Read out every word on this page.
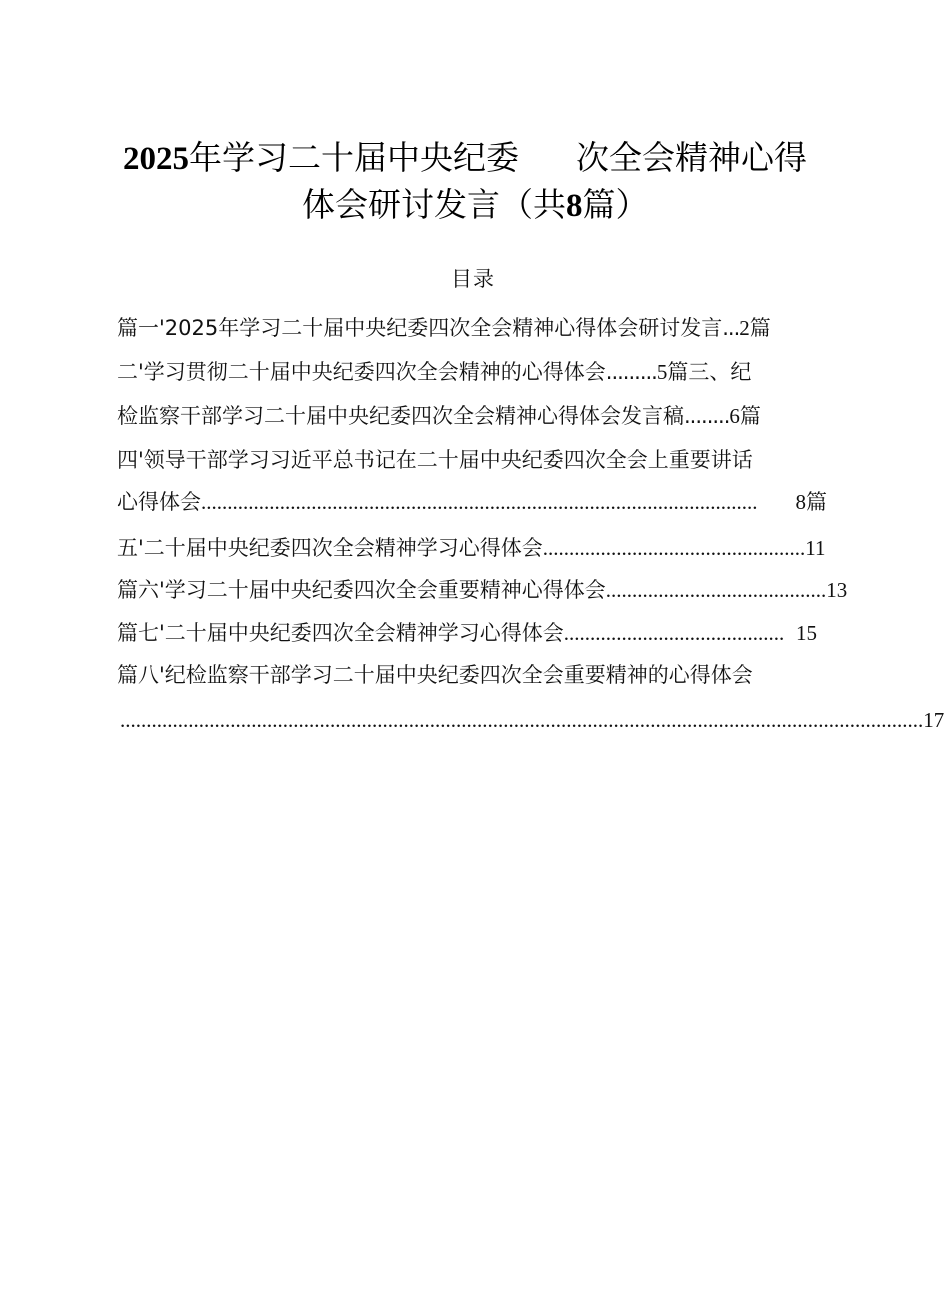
2025年学习二十届中央纪委 次全会精神心得
体会研讨发言（共8篇）
目录
篇一'2025年学习二十届中央纪委四次全会精神心得体会研讨发言 ... 2 篇
二'学习贯彻二十届中央纪委四次全会精神的心得体会 ......... 5 篇三、纪
检监察干部学习二十届中央纪委四次全会精神心得体会发言稿 ........ 6 篇
四'领导干部学习习近平总书记在二十届中央纪委四次全会上重要讲话
心得体会 ..........................................................................................................	8 篇
五'二十届中央纪委四次全会精神学习心得体会 .................................................. 11
篇六'学习二十届中央纪委四次全会重要精神心得体会 .......................................... 13
篇七'二十届中央纪委四次全会精神学习心得体会 .......................................... 15
篇八'纪检监察干部学习二十届中央纪委四次全会重要精神的心得体会
......................................................................................................................................................... 17
